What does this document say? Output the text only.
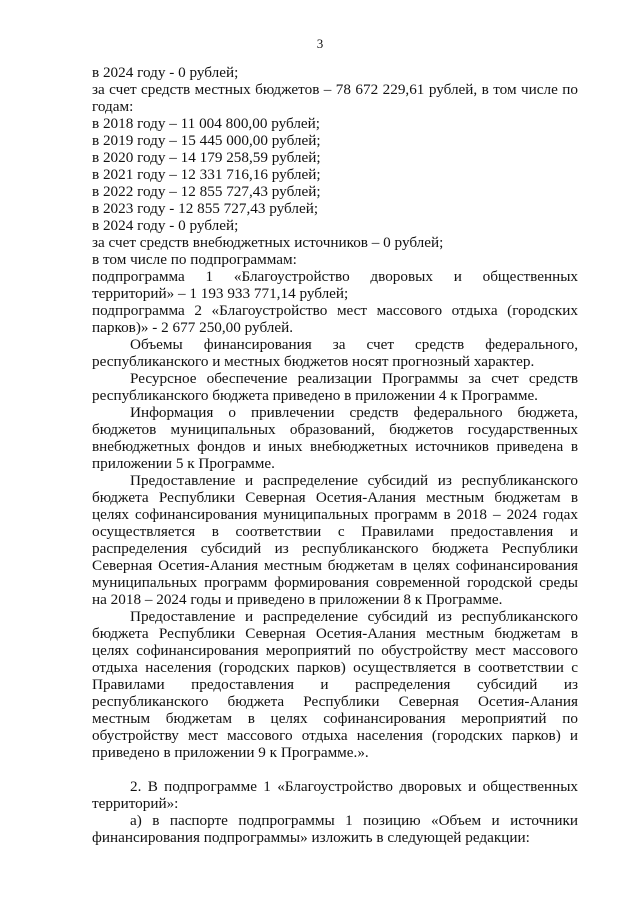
3
в 2024 году - 0 рублей;

за счет средств местных бюджетов – 78 672 229,61 рублей, в том числе по годам:

в 2018 году – 11 004 800,00 рублей;
в 2019 году – 15 445 000,00 рублей;
в 2020 году – 14 179 258,59 рублей;
в 2021 году – 12 331 716,16 рублей;
в 2022 году – 12 855 727,43 рублей;
в 2023 году - 12 855 727,43 рублей;
в 2024 году - 0 рублей;
за счет средств внебюджетных источников – 0 рублей;
в том числе по подпрограммам:

подпрограмма 1 «Благоустройство дворовых и общественных территорий» – 1 193 933 771,14 рублей;

подпрограмма 2 «Благоустройство мест массового отдыха (городских парков)» - 2 677 250,00 рублей.

Объемы финансирования за счет средств федерального, республиканского и местных бюджетов носят прогнозный характер.

Ресурсное обеспечение реализации Программы за счет средств республиканского бюджета приведено в приложении 4 к Программе.

Информация о привлечении средств федерального бюджета, бюджетов муниципальных образований, бюджетов государственных внебюджетных фондов и иных внебюджетных источников приведена в приложении 5 к Программе.

Предоставление и распределение субсидий из республиканского бюджета Республики Северная Осетия-Алания местным бюджетам в целях софинансирования муниципальных программ в 2018 – 2024 годах осуществляется в соответствии с Правилами предоставления и распределения субсидий из республиканского бюджета Республики Северная Осетия-Алания местным бюджетам в целях софинансирования муниципальных программ формирования современной городской среды на 2018 – 2024 годы и приведено в приложении 8 к Программе.

Предоставление и распределение субсидий из республиканского бюджета Республики Северная Осетия-Алания местным бюджетам в целях софинансирования мероприятий по обустройству мест массового отдыха населения (городских парков) осуществляется в соответствии с Правилами предоставления и распределения субсидий из республиканского бюджета Республики Северная Осетия-Алания местным бюджетам в целях софинансирования мероприятий по обустройству мест массового отдыха населения (городских парков) и приведено в приложении 9 к Программе.».

2. В подпрограмме 1 «Благоустройство дворовых и общественных территорий»:

а) в паспорте подпрограммы 1 позицию «Объем и источники финансирования подпрограммы» изложить в следующей редакции:
